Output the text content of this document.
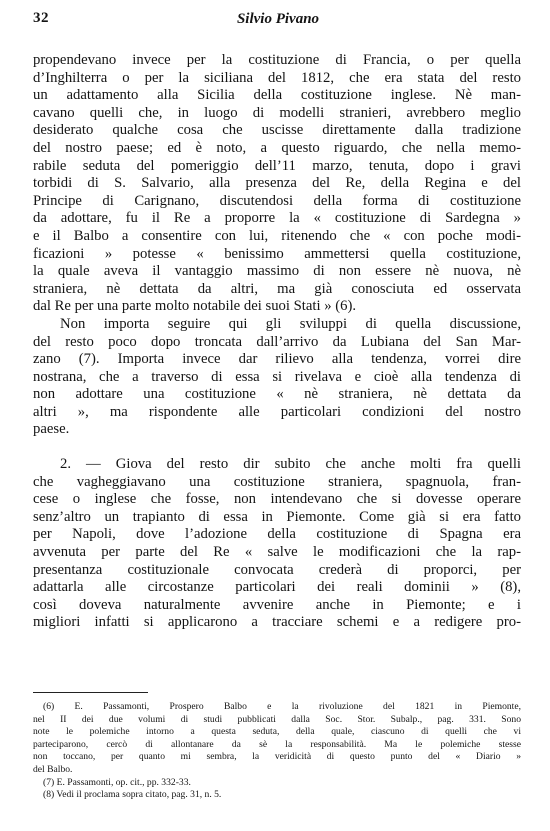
32	Silvio Pivano
propendevano invece per la costituzione di Francia, o per quella
d’Inghilterra o per la siciliana del 1812, che era stata del resto
un adattamento alla Sicilia della costituzione inglese. Nè man-
cavano quelli che, in luogo di modelli stranieri, avrebbero meglio
desiderato qualche cosa che uscisse direttamente dalla tradizione
del nostro paese; ed è noto, a questo riguardo, che nella memo-
rabile seduta del pomeriggio dell’11 marzo, tenuta, dopo i gravi
torbidi di S. Salvario, alla presenza del Re, della Regina e del
Principe di Carignano, discutendosi della forma di costituzione
da adottare, fu il Re a proporre la « costituzione di Sardegna »
e il Balbo a consentire con lui, ritenendo che « con poche modi-
ficazioni » potesse « benissimo ammettersi quella costituzione,
la quale aveva il vantaggio massimo di non essere nè nuova, nè
straniera, nè dettata da altri, ma già conosciuta ed osservata
dal Re per una parte molto notabile dei suoi Stati » (6).
Non importa seguire qui gli sviluppi di quella discussione,
del resto poco dopo troncata dall’arrivo da Lubiana del San Mar-
zano (7). Importa invece dar rilievo alla tendenza, vorrei dire
nostrana, che a traverso di essa si rivelava e cioè alla tendenza di
non adottare una costituzione « nè straniera, nè dettata da
altri », ma rispondente alle particolari condizioni del nostro
paese.
2. — Giova del resto dir subito che anche molti fra quelli
che vagheggiavano una costituzione straniera, spagnuola, fran-
cese o inglese che fosse, non intendevano che si dovesse operare
senz’altro un trapianto di essa in Piemonte. Come già si era fatto
per Napoli, dove l’adozione della costituzione di Spagna era
avvenuta per parte del Re « salve le modificazioni che la rap-
presentanza costituzionale convocata crederà di proporci, per
adattarla alle circostanze particolari dei reali dominii » (8),
così doveva naturalmente avvenire anche in Piemonte; e i
migliori infatti si applicarono a tracciare schemi e a redigere pro-
(6) E. Passamonti, Prospero Balbo e la rivoluzione del 1821 in Piemonte,
nel II dei due volumi di studi pubblicati dalla Soc. Stor. Subalp., pag. 331. Sono
note le polemiche intorno a questa seduta, della quale, ciascuno di quelli che vi
parteciparono, cercò di allontanare da sè la responsabilità. Ma le polemiche stesse
non toccano, per quanto mi sembra, la veridicità di questo punto del « Diario »
del Balbo.
(7) E. Passamonti, op. cit., pp. 332-33.
(8) Vedi il proclama sopra citato, pag. 31, n. 5.
